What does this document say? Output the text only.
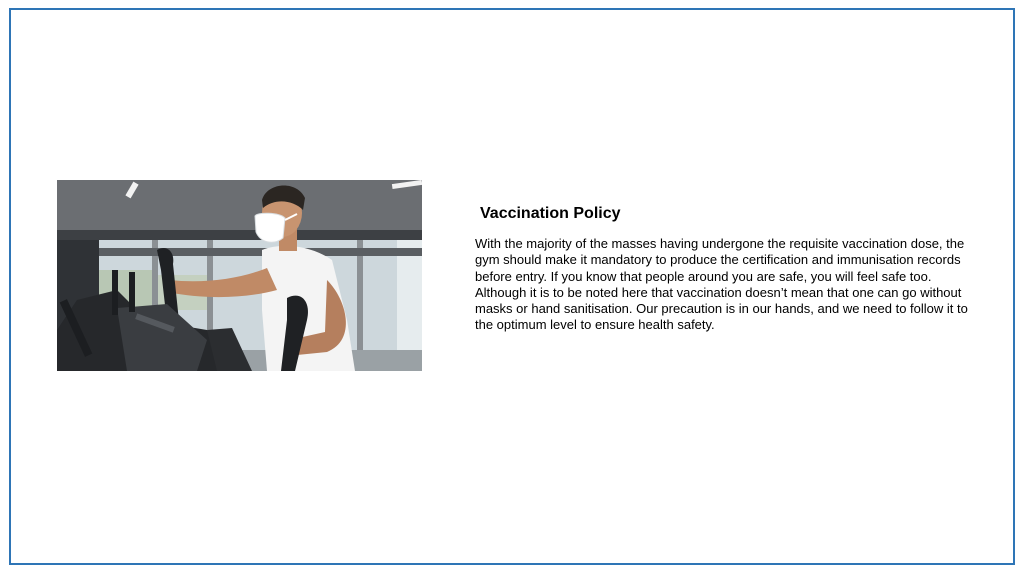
Vaccination Policy
With the majority of the masses having undergone the requisite vaccination dose, the gym should make it mandatory to produce the certification and immunisation records before entry. If you know that people around you are safe, you will feel safe too. Although it is to be noted here that vaccination doesn’t mean that one can go without masks or hand sanitisation. Our precaution is in our hands, and we need to follow it to the optimum level to ensure health safety.
